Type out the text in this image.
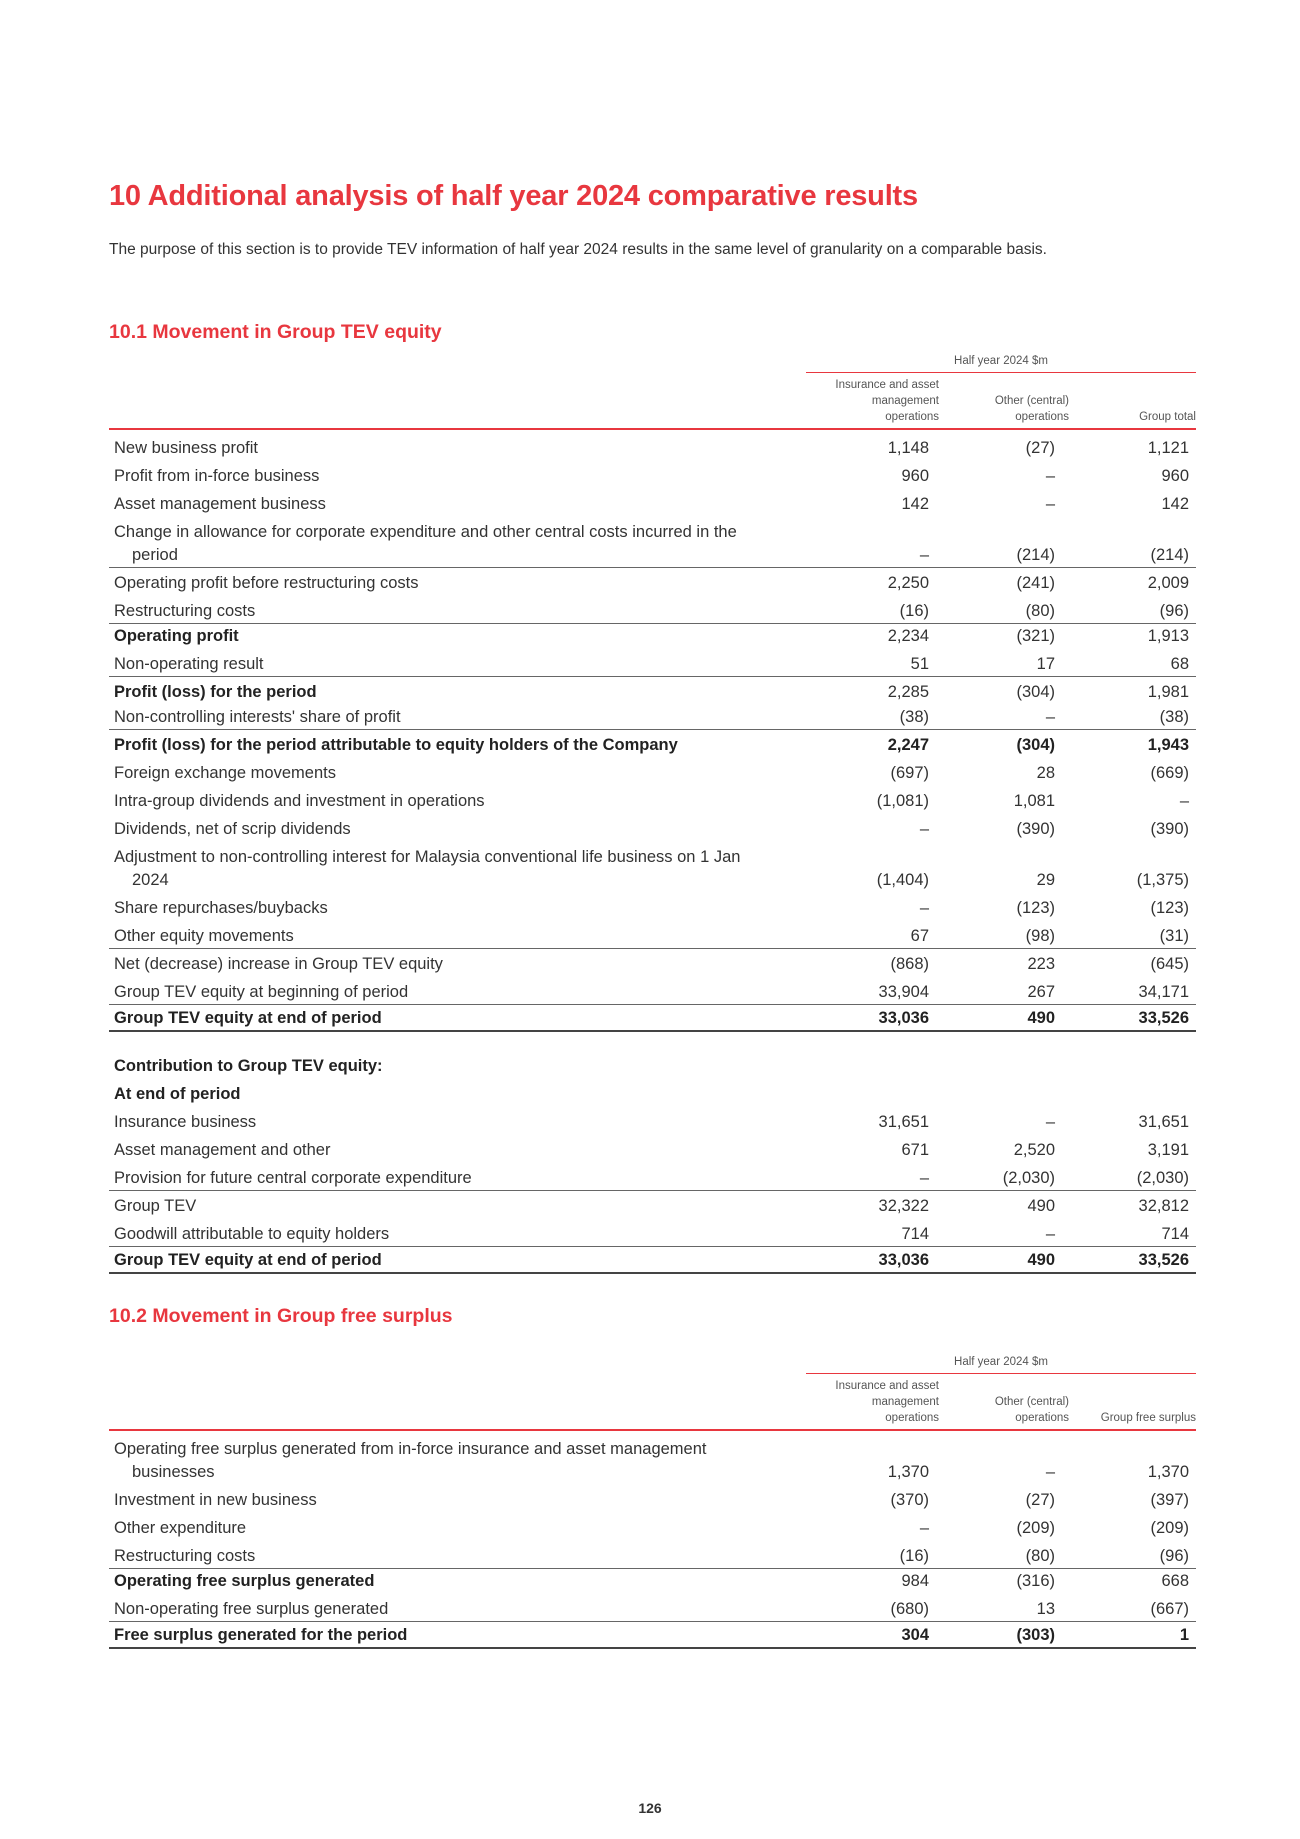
10 Additional analysis of half year 2024 comparative results
The purpose of this section is to provide TEV information of half year 2024 results in the same level of granularity on a comparable basis.
10.1 Movement in Group TEV equity
Half year 2024 $m
Insurance and asset
management
operations
Other (central)
operations	Group total
New business profit	1,148	(27)	1,121
Profit from in-force business	960	–	960
Asset management business	142	–	142
Change in allowance for corporate expenditure and other central costs incurred in the
period	–	(214)	(214)
Operating profit before restructuring costs	2,250	(241)	2,009
Restructuring costs	(16)	(80)	(96)
Operating profit	2,234	(321)	1,913
Non-operating result	51	17	68
Profit (loss) for the period	2,285	(304)	1,981
Non-controlling interests' share of profit	(38)	–	(38)
Profit (loss) for the period attributable to equity holders of the Company	2,247	(304)	1,943
Foreign exchange movements	(697)	28	(669)
Intra-group dividends and investment in operations	(1,081)	1,081	–
Dividends, net of scrip dividends	–	(390)	(390)
Adjustment to non-controlling interest for Malaysia conventional life business on 1 Jan
2024	(1,404)	29	(1,375)
Share repurchases/buybacks	–	(123)	(123)
Other equity movements	67	(98)	(31)
Net (decrease) increase in Group TEV equity	(868)	223	(645)
Group TEV equity at beginning of period	33,904	267	34,171
Group TEV equity at end of period	33,036	490	33,526
Contribution to Group TEV equity:
At end of period
Insurance business	31,651	–	31,651
Asset management and other	671	2,520	3,191
Provision for future central corporate expenditure	–	(2,030)	(2,030)
Group TEV	32,322	490	32,812
Goodwill attributable to equity holders	714	–	714
Group TEV equity at end of period	33,036	490	33,526
10.2 Movement in Group free surplus
Half year 2024 $m
Insurance and asset
management
operations
Other (central)
operations	Group free surplus
Operating free surplus generated from in-force insurance and asset management
businesses	1,370	–	1,370
Investment in new business	(370)	(27)	(397)
Other expenditure	–	(209)	(209)
Restructuring costs	(16)	(80)	(96)
Operating free surplus generated	984	(316)	668
Non-operating free surplus generated	(680)	13	(667)
Free surplus generated for the period	304	(303)	1
126
